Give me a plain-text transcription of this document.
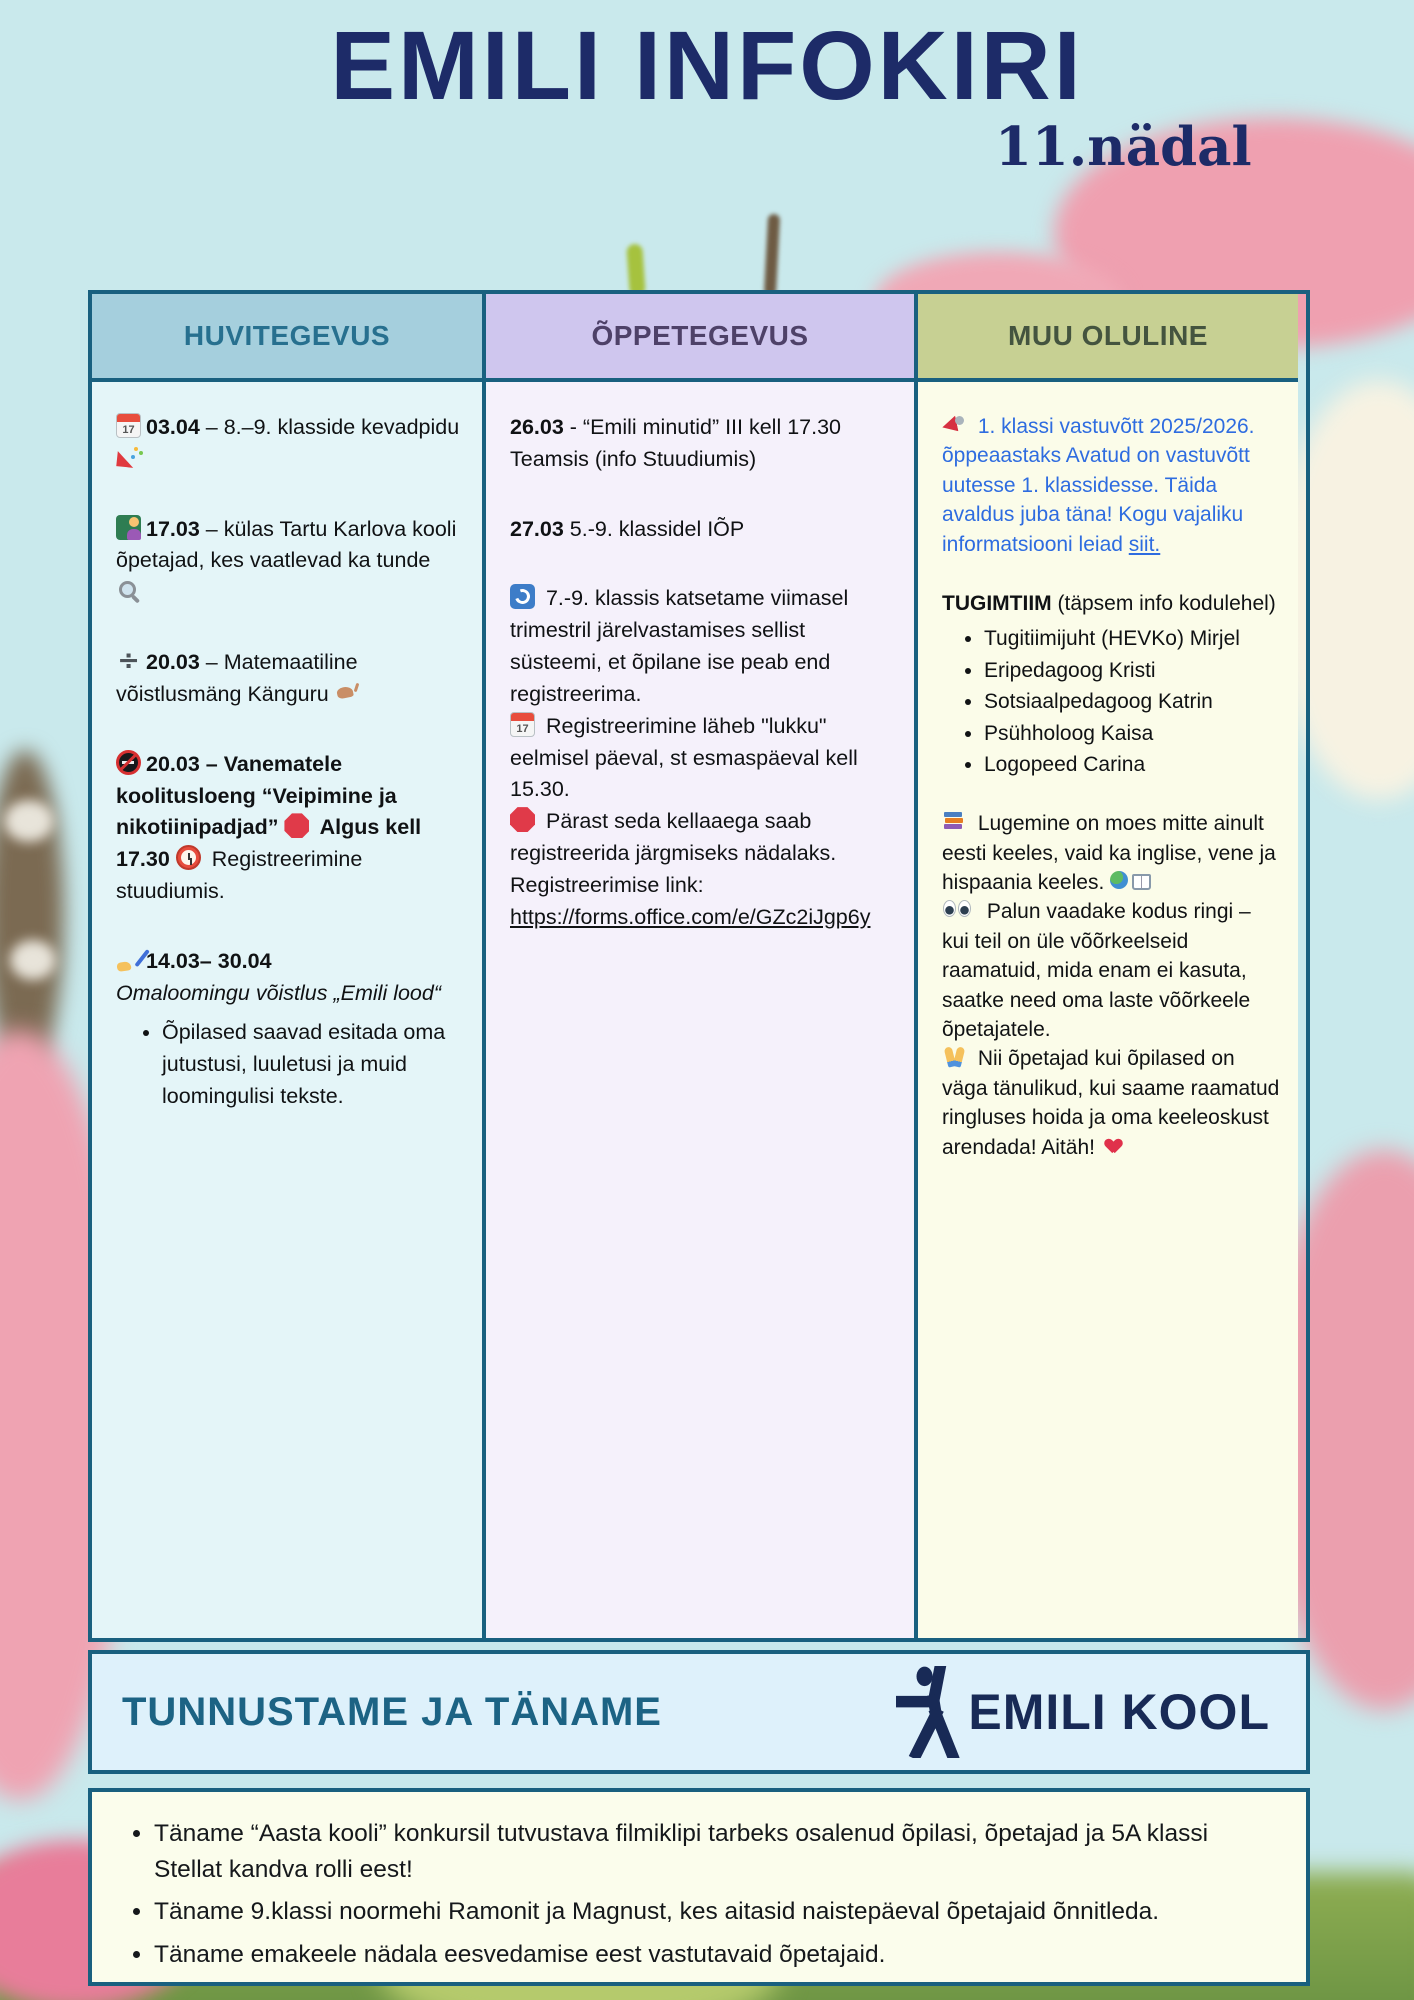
EMILI INFOKIRI
11.nädal
HUVITEGEVUS
1703.04 – 8.–9. klasside kevadpidu
17.03 – külas Tartu Karlova kooli õpetajad, kes vaatlevad ka tunde
÷20.03 – Matemaatiline võistlusmäng Känguru
20.03 – Vanematele koolitusloeng “Veipimine ja nikotiinipadjad”  Algus kell 17.30  Registreerimine stuudiumis.
14.03– 30.04
Omaloomingu võistlus „Emili lood“
• Õpilased saavad esitada oma jutustusi, luuletusi ja muid loomingulisi tekste.
ÕPPETEGEVUS
26.03 - “Emili minutid” III kell 17.30 Teamsis (info Stuudiumis)
27.03 5.-9. klassidel IÕP
7.-9. klassis katsetame viimasel trimestril järelvastamises sellist süsteemi, et õpilane ise peab end registreerima.
17 Registreerimine läheb "lukku" eelmisel päeval, st esmaspäeval kell 15.30.
Pärast seda kellaaega saab registreerida järgmiseks nädalaks.
Registreerimise link:
https://forms.office.com/e/GZc2iJgp6y
MUU OLULINE
1. klassi vastuvõtt 2025/2026. õppeaastaks Avatud on vastuvõtt uutesse 1. klassidesse. Täida avaldus juba täna! Kogu vajaliku informatsiooni leiad siit.
TUGIMTIIM (täpsem info kodulehel)
• Tugitiimijuht (HEVKo) Mirjel
• Eripedagoog Kristi
• Sotsiaalpedagoog Katrin
• Psühholoog Kaisa
• Logopeed Carina
Lugemine on moes mitte ainult eesti keeles, vaid ka inglise, vene ja hispaania keeles.
Palun vaadake kodus ringi – kui teil on üle võõrkeelseid raamatuid, mida enam ei kasuta, saatke need oma laste võõrkeele õpetajatele.
Nii õpetajad kui õpilased on väga tänulikud, kui saame raamatud ringluses hoida ja oma keeleoskust arendada! Aitäh!
TUNNUSTAME JA TÄNAME	EMILI KOOL
• Täname “Aasta kooli” konkursil tutvustava filmiklipi tarbeks osalenud õpilasi, õpetajad ja 5A klassi Stellat kandva rolli eest!
• Täname 9.klassi noormehi Ramonit ja Magnust, kes aitasid naistepäeval õpetajaid õnnitleda.
• Täname emakeele nädala eesvedamise eest vastutavaid õpetajaid.
